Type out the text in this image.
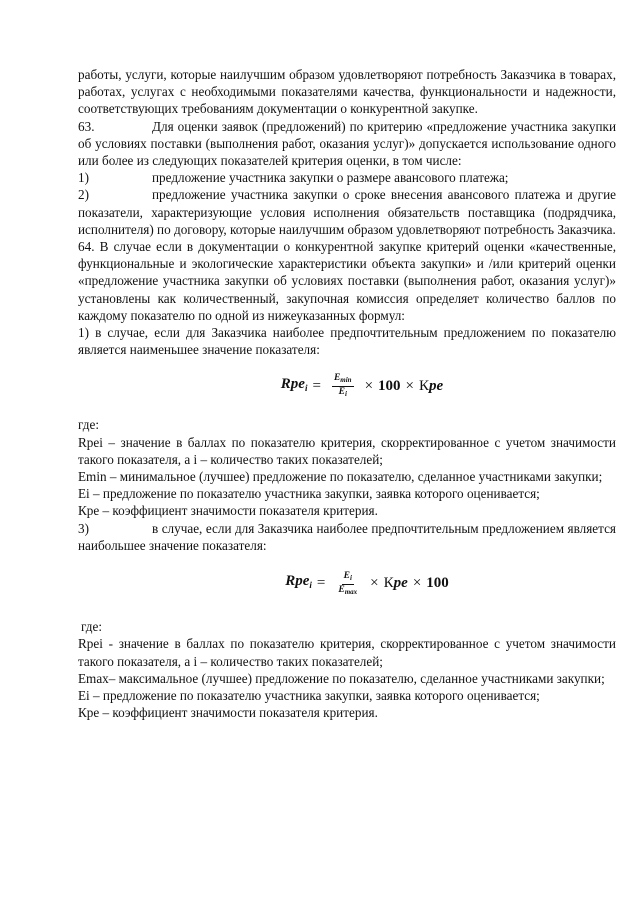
работы, услуги, которые наилучшим образом удовлетворяют потребность Заказчика в товарах, работах, услугах с необходимыми показателями качества, функциональности и надежности, соответствующих требованиям документации о конкурентной закупке.

63.	Для оценки заявок (предложений) по критерию «предложение участника закупки об условиях поставки (выполнения работ, оказания услуг)» допускается использование одного или более из следующих показателей критерия оценки, в том числе:

1)	предложение участника закупки о размере авансового платежа;

2)	предложение участника закупки о сроке внесения авансового платежа и другие показатели, характеризующие условия исполнения обязательств поставщика (подрядчика, исполнителя) по договору, которые наилучшим образом удовлетворяют потребность Заказчика.

64. В случае если в документации о конкурентной закупке критерий оценки «качественные, функциональные и экологические характеристики объекта закупки» и /или критерий оценки «предложение участника закупки об условиях поставки (выполнения работ, оказания услуг)» установлены как количественный, закупочная комиссия определяет количество баллов по каждому показателю по одной из нижеуказанных формул:

1) в случае, если для Заказчика наиболее предпочтительным предложением по показателю является наименьшее значение показателя:

$Rpe_i = \frac{E_{min}}{E_i} \times 100$ × Кpe

где:

Rpei – значение в баллах по показателю критерия, скорректированное с учетом значимости такого показателя, а i – количество таких показателей;

Emin – минимальное (лучшее) предложение по показателю, сделанное участниками закупки;

Ei – предложение по показателю участника закупки, заявка которого оценивается;

Кре – коэффициент значимости показателя критерия.

3)	в случае, если для Заказчика наиболее предпочтительным предложением является наибольшее значение показателя:

$Rpe_i = \frac{E_i}{E_{max}}$ × Кpe × 100

где:

Rpei - значение в баллах по показателю критерия, скорректированное с учетом значимости такого показателя, а i – количество таких показателей;

Emax– максимальное (лучшее) предложение по показателю, сделанное участниками закупки;

Ei – предложение по показателю участника закупки, заявка которого оценивается;

Кре – коэффициент значимости показателя критерия.
